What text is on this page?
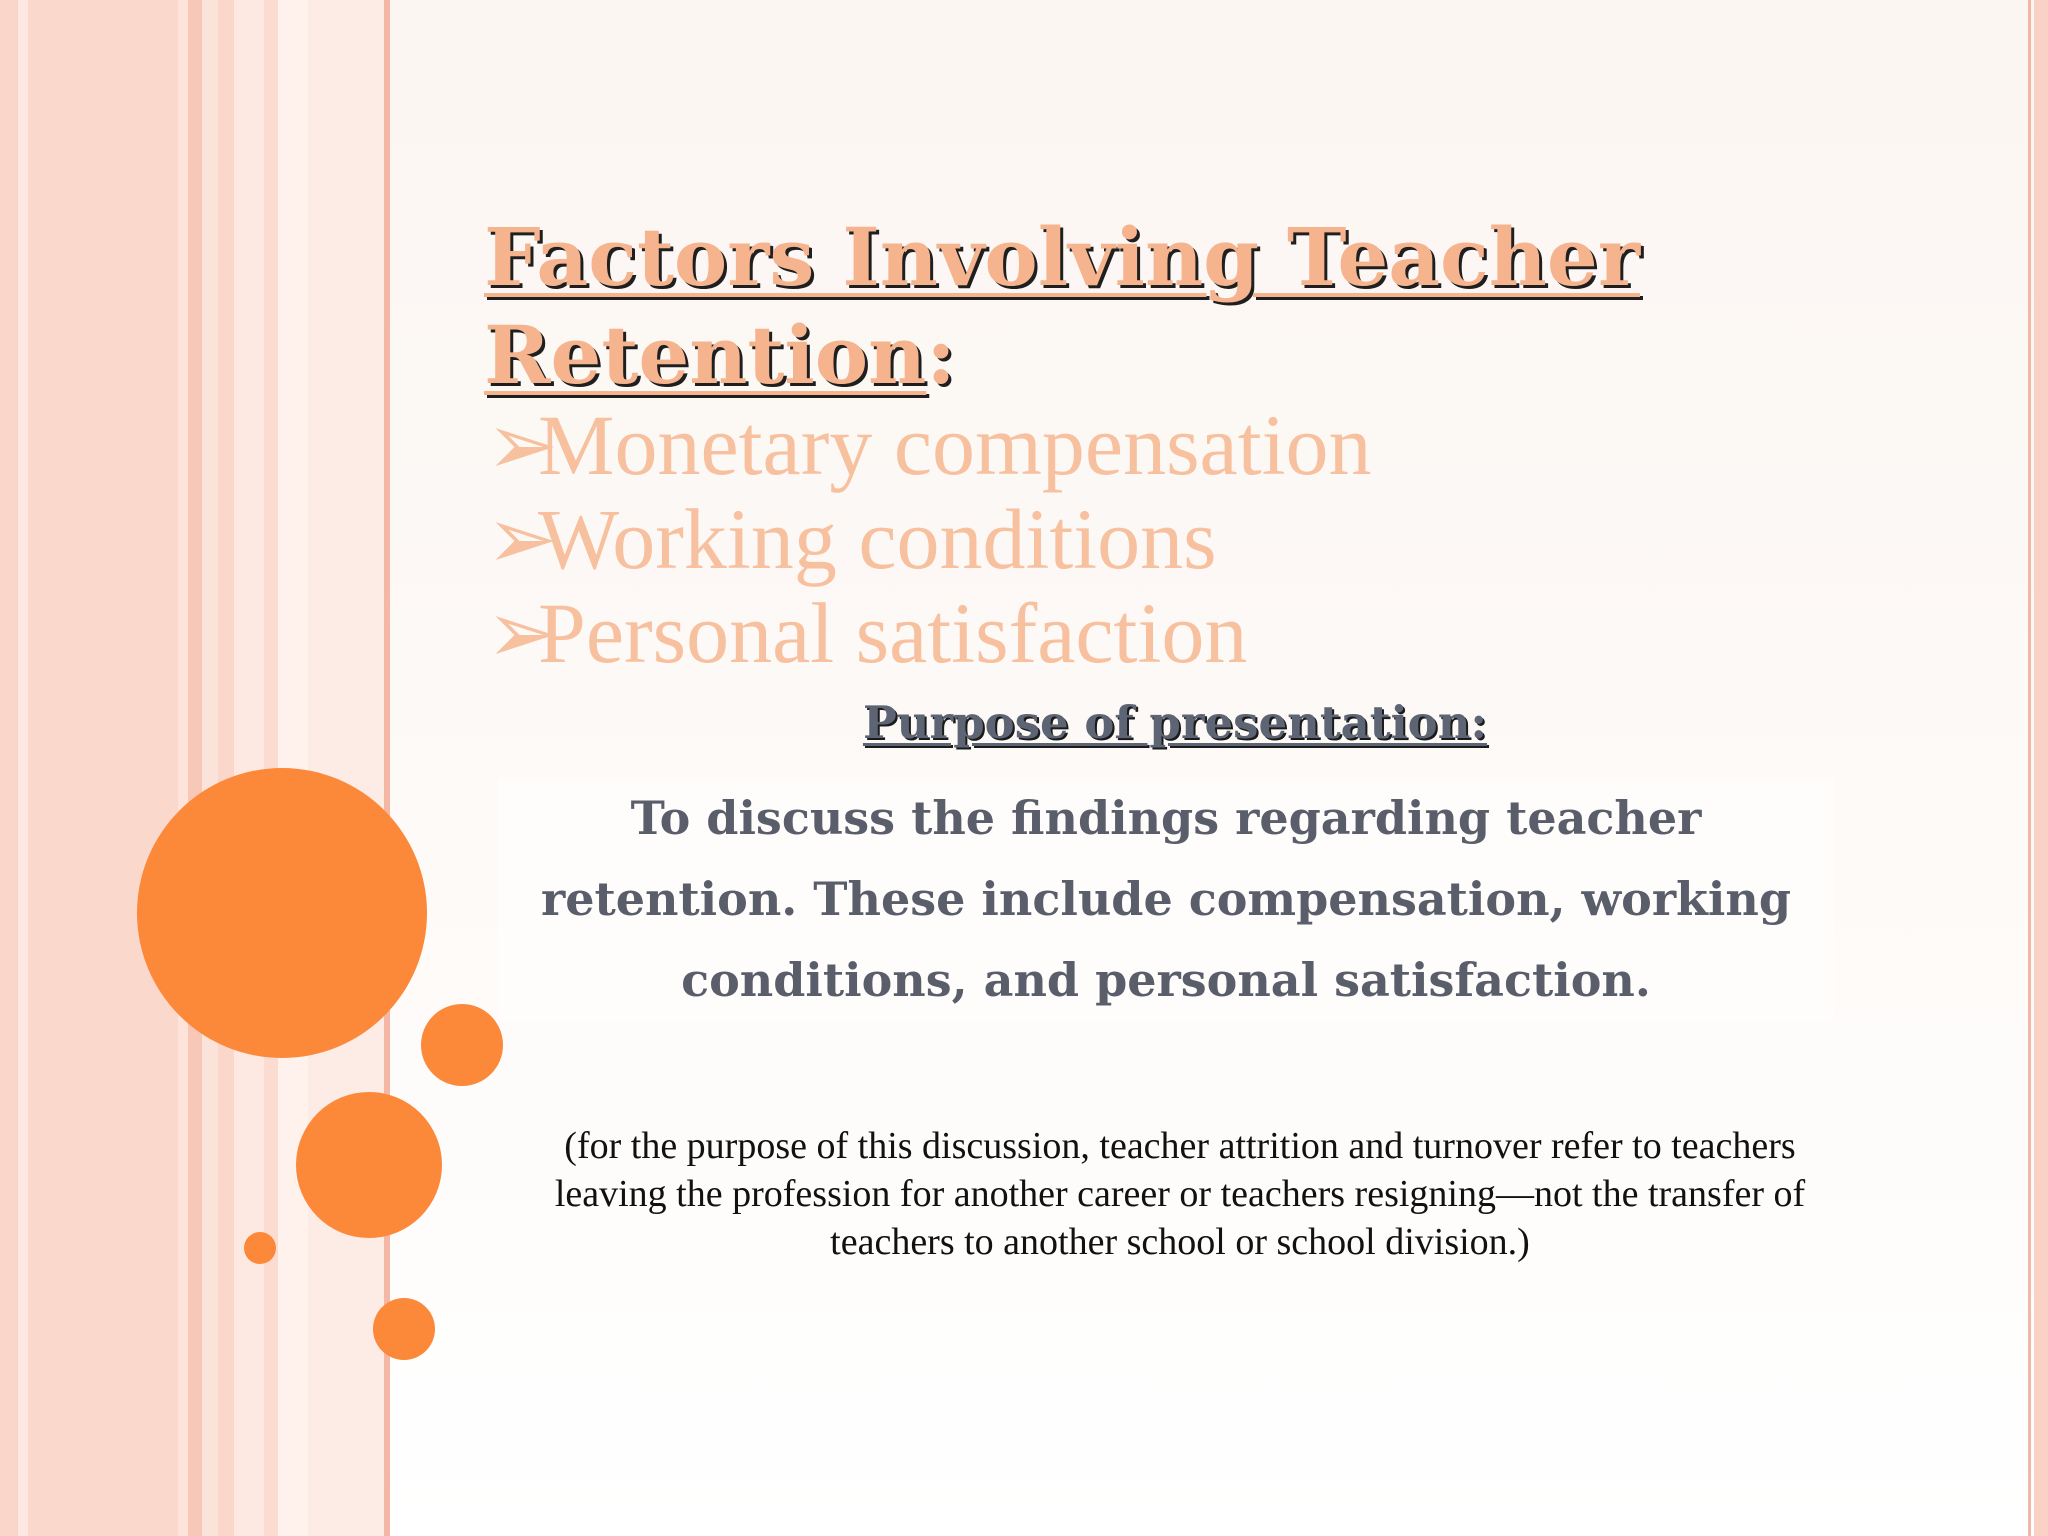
Factors Involving Teacher
Retention:
➢Monetary compensation
➢Working conditions
➢Personal satisfaction
Purpose of presentation:
To discuss the findings regarding teacher retention. These include compensation, working conditions, and personal satisfaction.
(for the purpose of this discussion, teacher attrition and turnover refer to teachers leaving the profession for another career or teachers resigning—not the transfer of teachers to another school or school division.)
